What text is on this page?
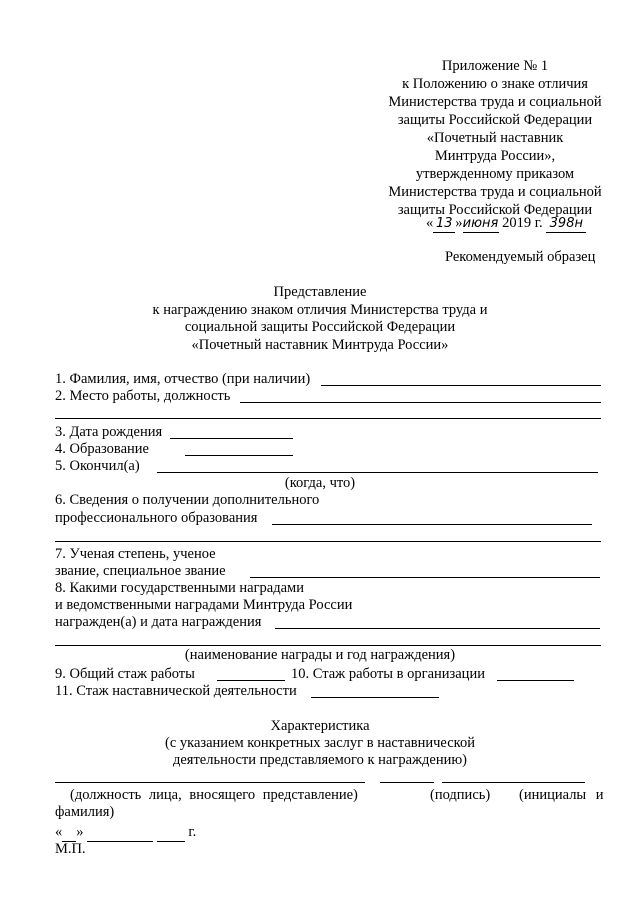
Приложение № 1
к Положению о знаке отличия
Министерства труда и социальной
защиты Российской Федерации
«Почетный наставник
Минтруда России»,
утвержденному приказом
Министерства труда и социальной
защиты Российской Федерации
« 13 »июня 2019 г. 398н
Рекомендуемый образец
Представление
к награждению знаком отличия Министерства труда и
социальной защиты Российской Федерации
«Почетный наставник Минтруда России»
1. Фамилия, имя, отчество (при наличии)
2. Место работы, должность
3. Дата рождения
4. Образование
5. Окончил(а)
(когда, что)
6. Сведения о получении дополнительного
профессионального образования
7. Ученая степень, ученое
звание, специальное звание
8. Какими государственными наградами
и ведомственными наградами Минтруда России
награжден(а) и дата награждения
(наименование награды и год награждения)
9. Общий стаж работы	10. Стаж работы в организации
11. Стаж наставнической деятельности
Характеристика
(с указанием конкретных заслуг в наставнической
деятельности представляемого к награждению)
(должность лица, вносящего представление)	(подпись) (инициалы и
фамилия)
« »	г.
М.П.
